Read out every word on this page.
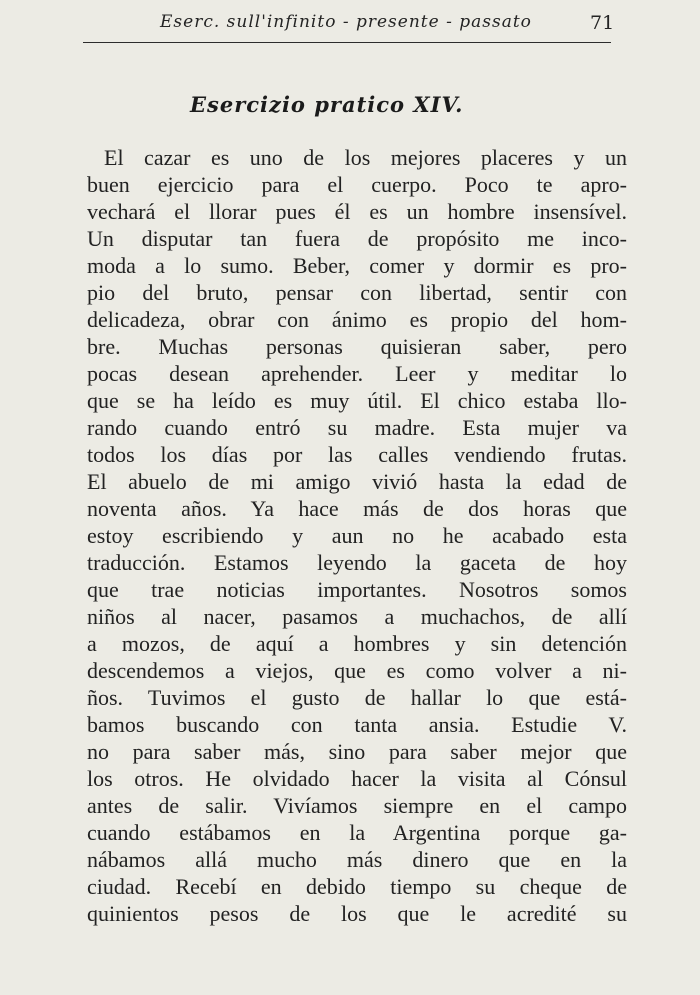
Eserc. sull'infinito - presente - passato	71
Esercizio pratico XIV.
El cazar es uno de los mejores placeres y un
buen ejercicio para el cuerpo. Poco te apro-
vechará el llorar pues él es un hombre insensível.
Un disputar tan fuera de propósito me inco-
moda a lo sumo. Beber, comer y dormir es pro-
pio del bruto, pensar con libertad, sentir con
delicadeza, obrar con ánimo es propio del hom-
bre. Muchas personas quisieran saber, pero
pocas desean aprehender. Leer y meditar lo
que se ha leído es muy útil. El chico estaba llo-
rando cuando entró su madre. Esta mujer va
todos los días por las calles vendiendo frutas.
El abuelo de mi amigo vivió hasta la edad de
noventa años. Ya hace más de dos horas que
estoy escribiendo y aun no he acabado esta
traducción. Estamos leyendo la gaceta de hoy
que trae noticias importantes. Nosotros somos
niños al nacer, pasamos a muchachos, de allí
a mozos, de aquí a hombres y sin detención
descendemos a viejos, que es como volver a ni-
ños. Tuvimos el gusto de hallar lo que está-
bamos buscando con tanta ansia. Estudie V.
no para saber más, sino para saber mejor que
los otros. He olvidado hacer la visita al Cónsul
antes de salir. Vivíamos siempre en el campo
cuando estábamos en la Argentina porque ga-
nábamos allá mucho más dinero que en la
ciudad. Recebí en debido tiempo su cheque de
quinientos pesos de los que le acredité su
